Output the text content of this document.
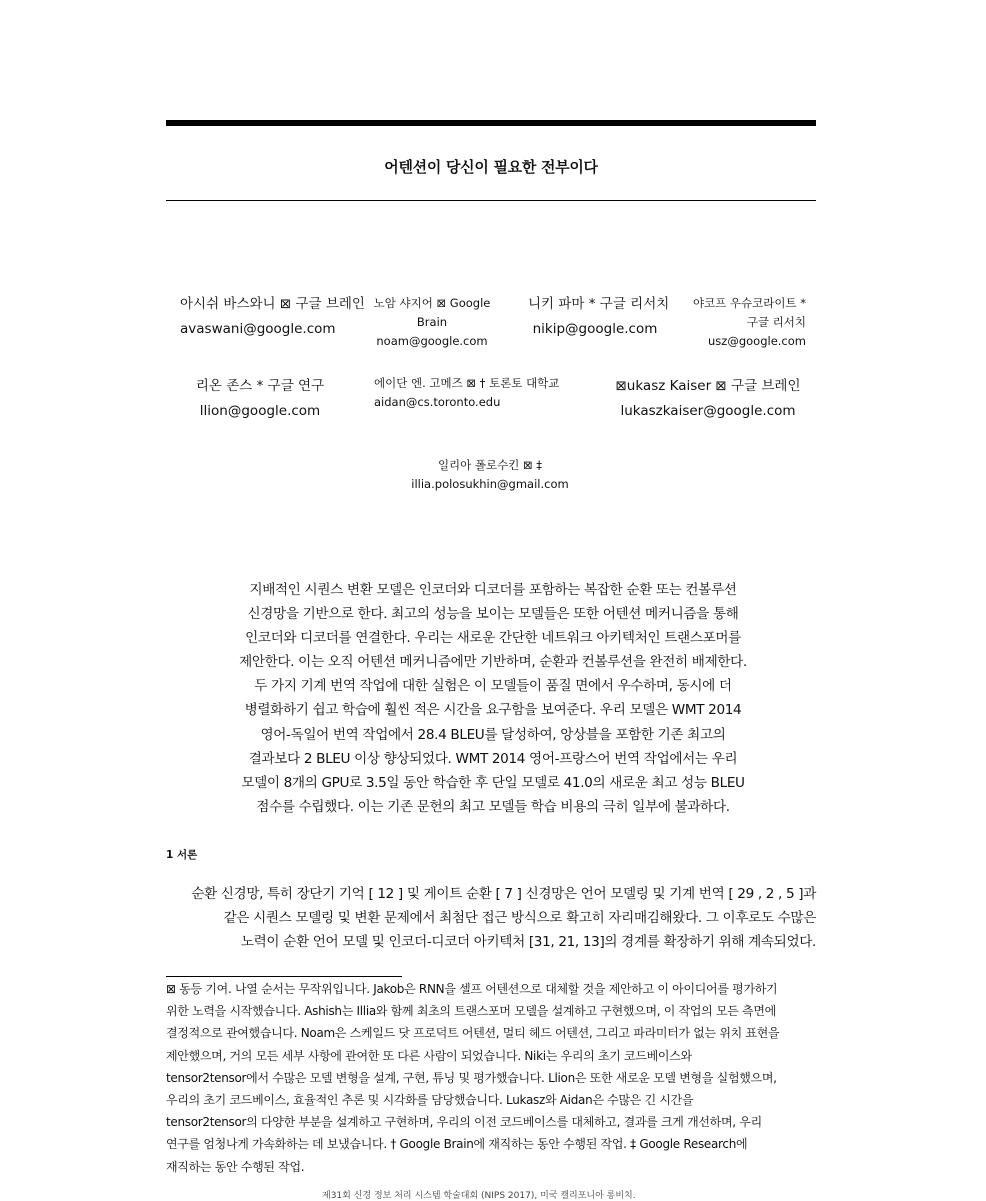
어텐션이 당신이 필요한 전부이다
아시쉬 바스와니 ⊠ 구글 브레인
avaswani@google.com
노암 샤지어 ⊠ Google
Brain
noam@google.com
니키 파마 * 구글 리서치
nikip@google.com
야코프 우슈코라이트 *
구글 리서치
usz@google.com
리온 존스 * 구글 연구
llion@google.com
에이단 엔. 고메즈 ⊠ † 토론토 대학교
aidan@cs.toronto.edu
⊠ukasz Kaiser ⊠ 구글 브레인
lukaszkaiser@google.com
일리아 폴로수킨 ⊠ ‡
illia.polosukhin@gmail.com
지배적인 시퀀스 변환 모델은 인코더와 디코더를 포함하는 복잡한 순환 또는 컨볼루션
신경망을 기반으로 한다. 최고의 성능을 보이는 모델들은 또한 어텐션 메커니즘을 통해
인코더와 디코더를 연결한다. 우리는 새로운 간단한 네트워크 아키텍처인 트랜스포머를
제안한다. 이는 오직 어텐션 메커니즘에만 기반하며, 순환과 컨볼루션을 완전히 배제한다.
두 가지 기계 번역 작업에 대한 실험은 이 모델들이 품질 면에서 우수하며, 동시에 더
병렬화하기 쉽고 학습에 훨씬 적은 시간을 요구함을 보여준다. 우리 모델은 WMT 2014
영어-독일어 번역 작업에서 28.4 BLEU를 달성하여, 앙상블을 포함한 기존 최고의
결과보다 2 BLEU 이상 향상되었다. WMT 2014 영어-프랑스어 번역 작업에서는 우리
모델이 8개의 GPU로 3.5일 동안 학습한 후 단일 모델로 41.0의 새로운 최고 성능 BLEU
점수를 수립했다. 이는 기존 문헌의 최고 모델들 학습 비용의 극히 일부에 불과하다.
1 서론
순환 신경망, 특히 장단기 기억 [ 12 ] 및 게이트 순환 [ 7 ] 신경망은 언어 모델링 및 기계 번역 [ 29 , 2 , 5 ]과
같은 시퀀스 모델링 및 변환 문제에서 최첨단 접근 방식으로 확고히 자리매김해왔다. 그 이후로도 수많은
노력이 순환 언어 모델 및 인코더-디코더 아키텍처 [31, 21, 13]의 경계를 확장하기 위해 계속되었다.
⊠ 동등 기여. 나열 순서는 무작위입니다. Jakob은 RNN을 셀프 어텐션으로 대체할 것을 제안하고 이 아이디어를 평가하기
위한 노력을 시작했습니다. Ashish는 Illia와 함께 최초의 트랜스포머 모델을 설계하고 구현했으며, 이 작업의 모든 측면에
결정적으로 관여했습니다. Noam은 스케일드 닷 프로덕트 어텐션, 멀티 헤드 어텐션, 그리고 파라미터가 없는 위치 표현을
제안했으며, 거의 모든 세부 사항에 관여한 또 다른 사람이 되었습니다. Niki는 우리의 초기 코드베이스와
tensor2tensor에서 수많은 모델 변형을 설계, 구현, 튜닝 및 평가했습니다. Llion은 또한 새로운 모델 변형을 실험했으며,
우리의 초기 코드베이스, 효율적인 추론 및 시각화를 담당했습니다. Lukasz와 Aidan은 수많은 긴 시간을
tensor2tensor의 다양한 부분을 설계하고 구현하며, 우리의 이전 코드베이스를 대체하고, 결과를 크게 개선하며, 우리
연구를 엄청나게 가속화하는 데 보냈습니다. † Google Brain에 재직하는 동안 수행된 작업. ‡ Google Research에
재직하는 동안 수행된 작업.
제31회 신경 정보 처리 시스템 학술대회 (NIPS 2017), 미국 캘리포니아 롱비치.
